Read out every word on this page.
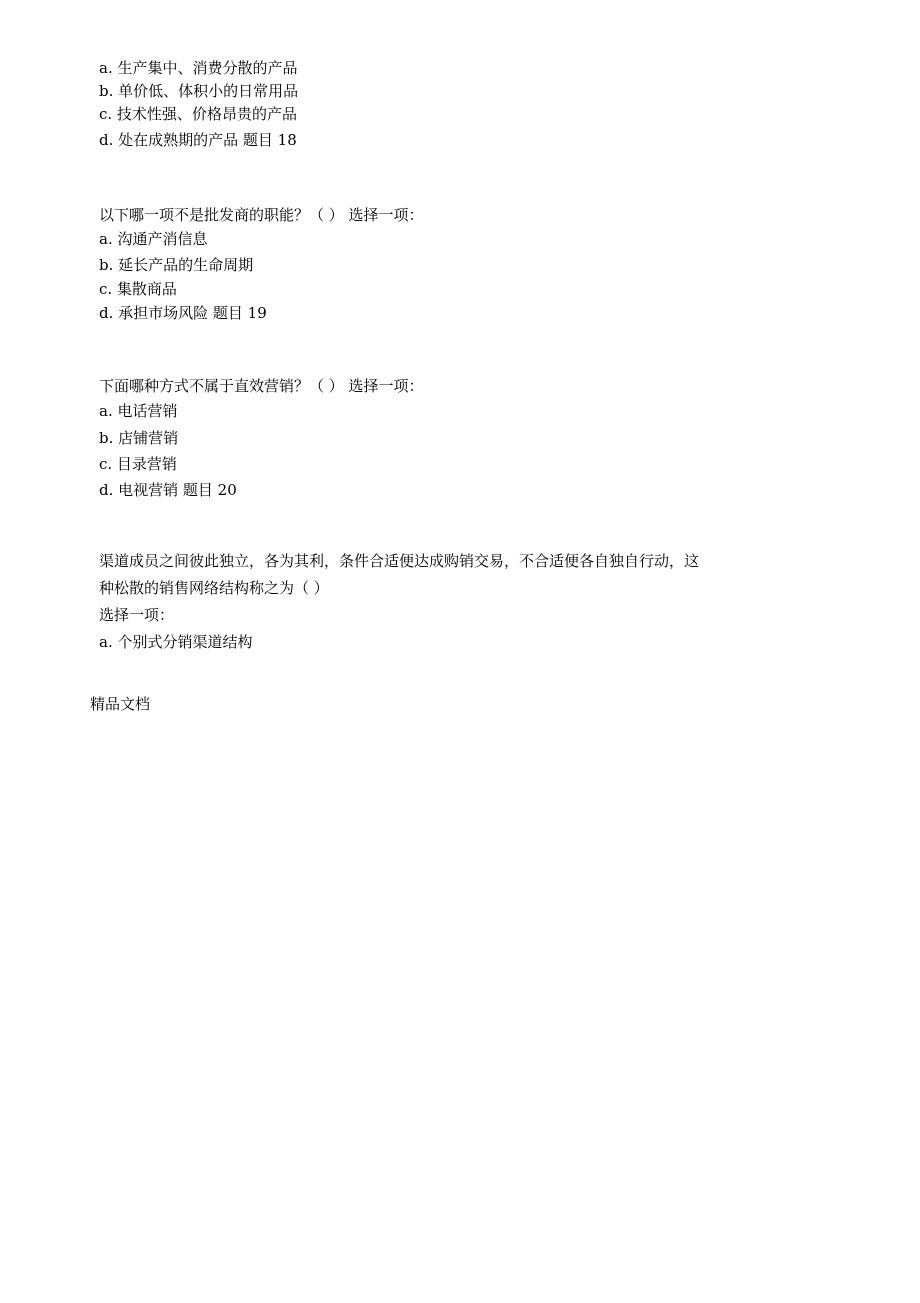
a. 生产集中、消费分散的产品

b. 单价低、体积小的日常用品

c. 技术性强、价格昂贵的产品

d. 处在成熟期的产品 题目 18

以下哪一项不是批发商的职能？（ ） 选择一项：

a. 沟通产消信息

b. 延长产品的生命周期

c. 集散商品

d. 承担市场风险 题目 19

下面哪种方式不属于直效营销？（ ） 选择一项：

a. 电话营销

b. 店铺营销

c. 目录营销

d. 电视营销 题目 20

渠道成员之间彼此独立，各为其利，条件合适便达成购销交易，不合适便各自独自行动，这

种松散的销售网络结构称之为（ ）

选择一项：

a. 个别式分销渠道结构

精品文档
